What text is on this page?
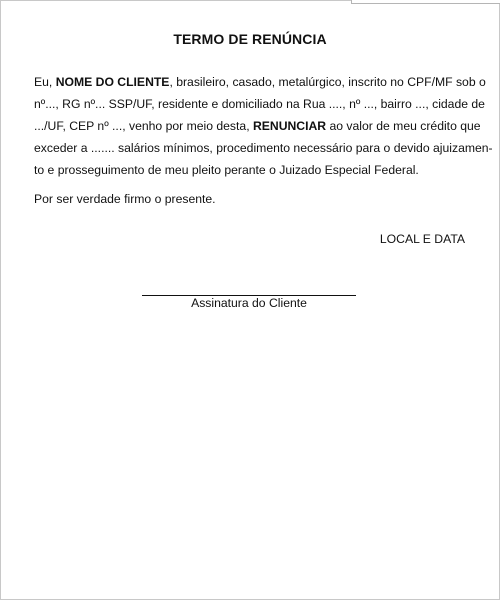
TERMO DE RENÚNCIA
Eu, NOME DO CLIENTE, brasileiro, casado, metalúrgico, inscrito no CPF/MF sob o
nº..., RG nº... SSP/UF, residente e domiciliado na Rua ...., nº ..., bairro ..., cidade de
.../UF, CEP nº ..., venho por meio desta, RENUNCIAR ao valor de meu crédito que
exceder a ....... salários mínimos, procedimento necessário para o devido ajuizamen-
to e prosseguimento de meu pleito perante o Juizado Especial Federal.
Por ser verdade firmo o presente.
LOCAL E DATA
Assinatura do Cliente
